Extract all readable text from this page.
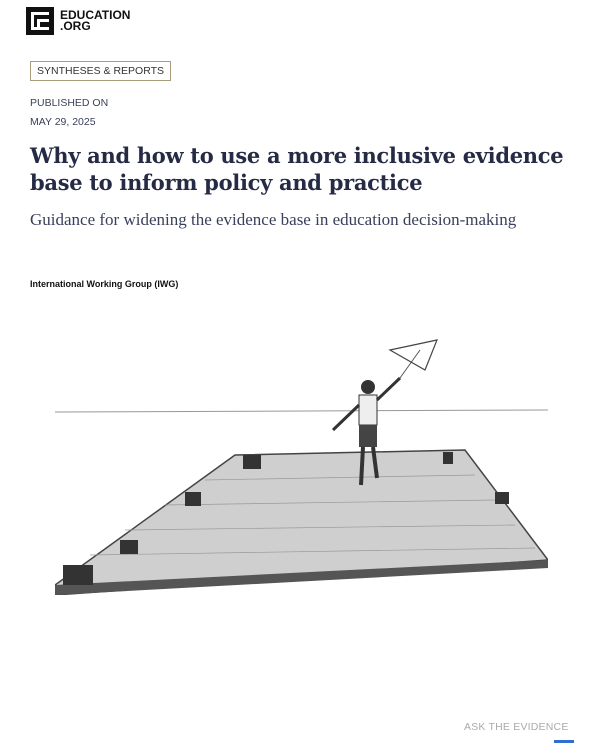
EDUCATION
.ORG
SYNTHESES & REPORTS
PUBLISHED ON
MAY 29, 2025
Why and how to use a more inclusive evidence base to inform policy and practice
Guidance for widening the evidence base in education decision-making
International Working Group (IWG)
ASK THE EVIDENCE
